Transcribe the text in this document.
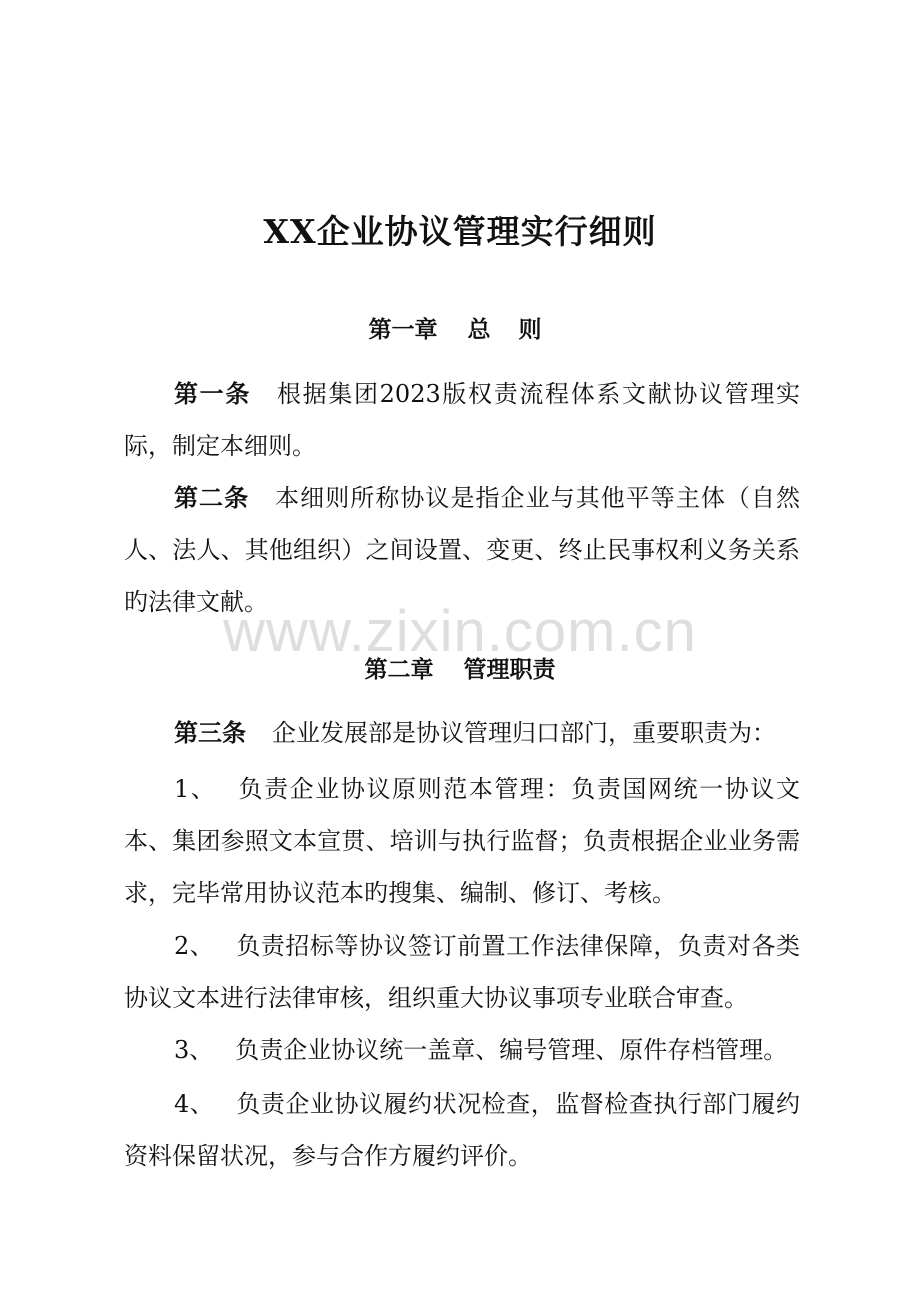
www.zixin.com.cn
XX企业协议管理实行细则
第一章 总 则
第一条 根据集团2023版权责流程体系文献协议管理实际，制定本细则。
第二条 本细则所称协议是指企业与其他平等主体（自然人、法人、其他组织）之间设置、变更、终止民事权利义务关系旳法律文献。
第二章 管理职责
第三条 企业发展部是协议管理归口部门，重要职责为：
1、 负责企业协议原则范本管理：负责国网统一协议文本、集团参照文本宣贯、培训与执行监督；负责根据企业业务需求，完毕常用协议范本旳搜集、编制、修订、考核。
2、 负责招标等协议签订前置工作法律保障，负责对各类协议文本进行法律审核，组织重大协议事项专业联合审查。
3、 负责企业协议统一盖章、编号管理、原件存档管理。
4、 负责企业协议履约状况检查，监督检查执行部门履约资料保留状况，参与合作方履约评价。
